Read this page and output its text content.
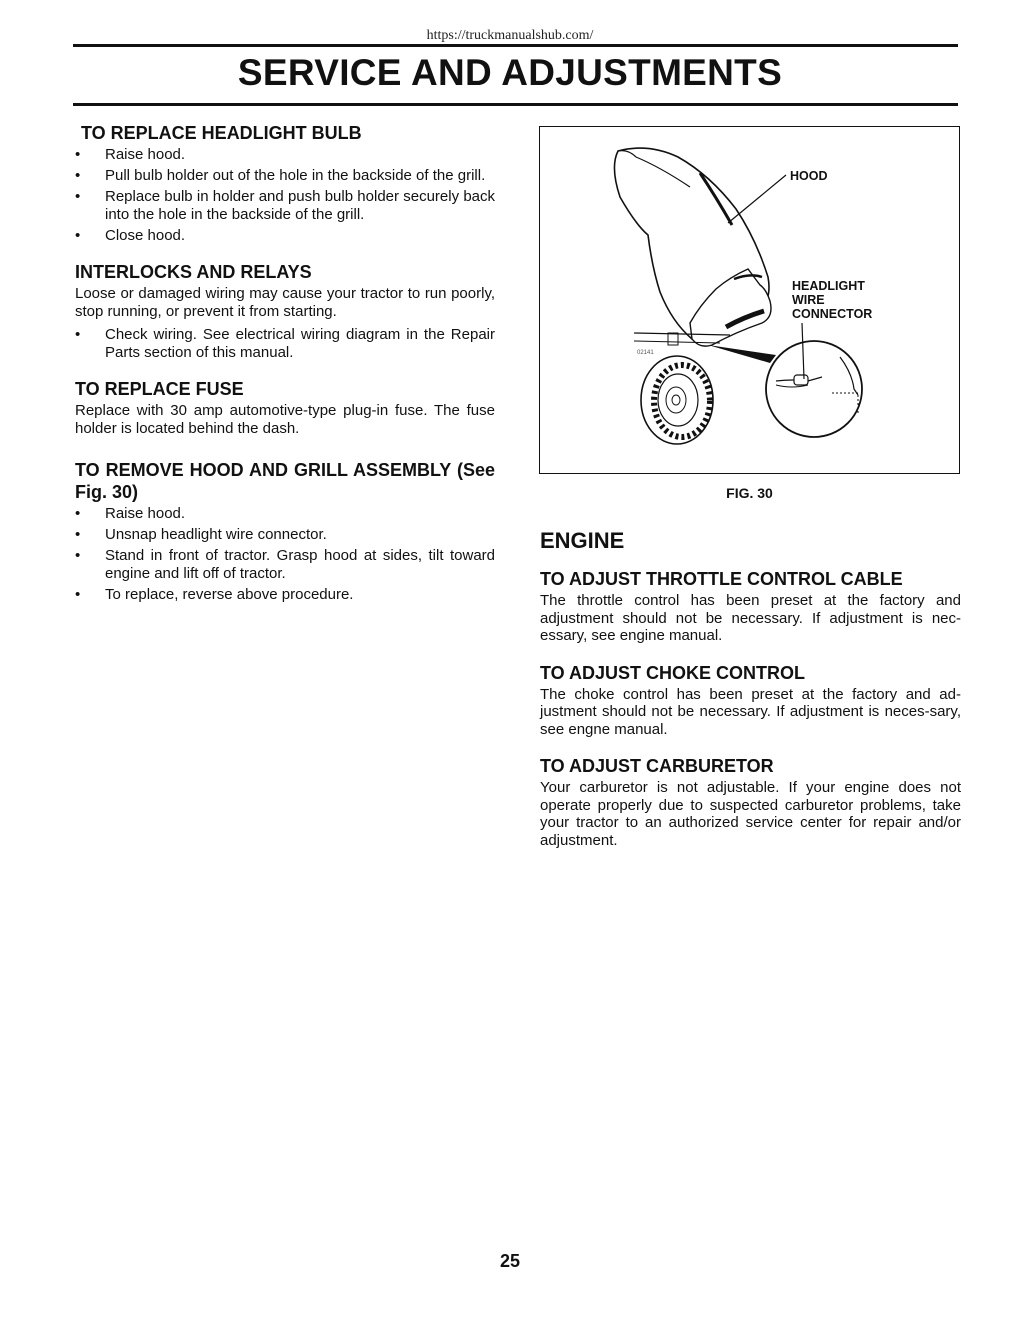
https://truckmanualshub.com/
SERVICE AND ADJUSTMENTS
TO REPLACE HEADLIGHT BULB
• Raise hood.
• Pull bulb holder out of the hole in the backside of the grill.
• Replace bulb in holder and push bulb holder securely back into the hole in the backside of the grill.
• Close hood.
INTERLOCKS AND RELAYS

Loose or damaged wiring may cause your tractor to run poorly, stop running, or prevent it from starting.

• Check wiring. See electrical wiring diagram in the Repair Parts section of this manual.
TO REPLACE FUSE

Replace with 30 amp automotive-type plug-in fuse. The fuse holder is located behind the dash.

TO REMOVE HOOD AND GRILL ASSEMBLY (See Fig. 30)
• Raise hood.
• Unsnap headlight wire connector.
• Stand in front of tractor. Grasp hood at sides, tilt toward engine and lift off of tractor.
• To replace, reverse above procedure.
HOOD
HEADLIGHT
WIRE
CONNECTOR
02141
FIG. 30
ENGINE
TO ADJUST THROTTLE CONTROL CABLE

The throttle control has been preset at the factory and adjustment should not be necessary. If adjustment is nec-essary, see engine manual.

TO ADJUST CHOKE CONTROL

The choke control has been preset at the factory and ad-justment should not be necessary. If adjustment is neces-sary, see engne manual.

TO ADJUST CARBURETOR

Your carburetor is not adjustable. If your engine does not operate properly due to suspected carburetor problems, take your tractor to an authorized service center for repair and/or adjustment.

25
